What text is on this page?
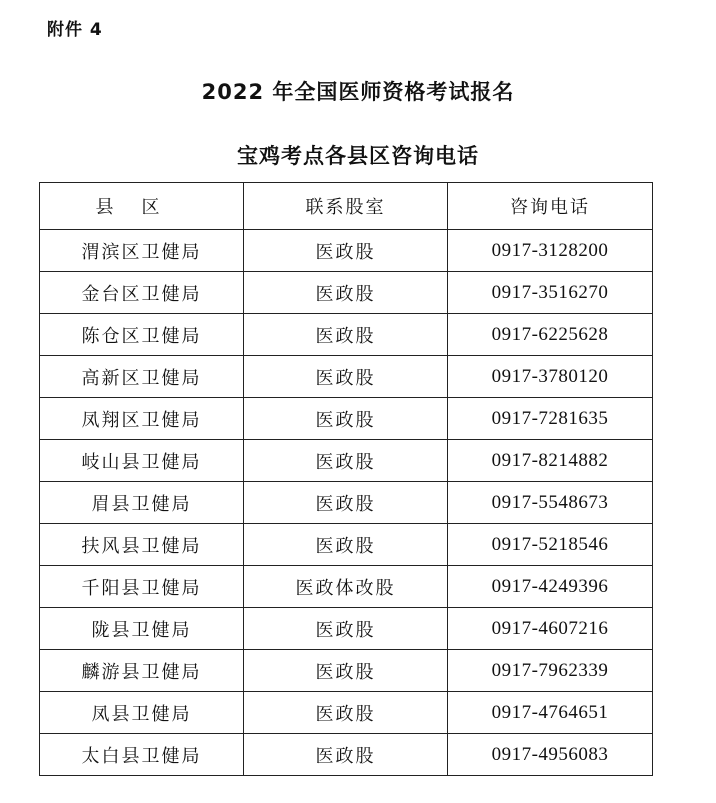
附件 4
2022 年全国医师资格考试报名
宝鸡考点各县区咨询电话
县区	联系股室	咨询电话
渭滨区卫健局	医政股	0917-3128200
金台区卫健局	医政股	0917-3516270
陈仓区卫健局	医政股	0917-6225628
高新区卫健局	医政股	0917-3780120
凤翔区卫健局	医政股	0917-7281635
岐山县卫健局	医政股	0917-8214882
眉县卫健局	医政股	0917-5548673
扶风县卫健局	医政股	0917-5218546
千阳县卫健局	医政体改股	0917-4249396
陇县卫健局	医政股	0917-4607216
麟游县卫健局	医政股	0917-7962339
凤县卫健局	医政股	0917-4764651
太白县卫健局	医政股	0917-4956083
